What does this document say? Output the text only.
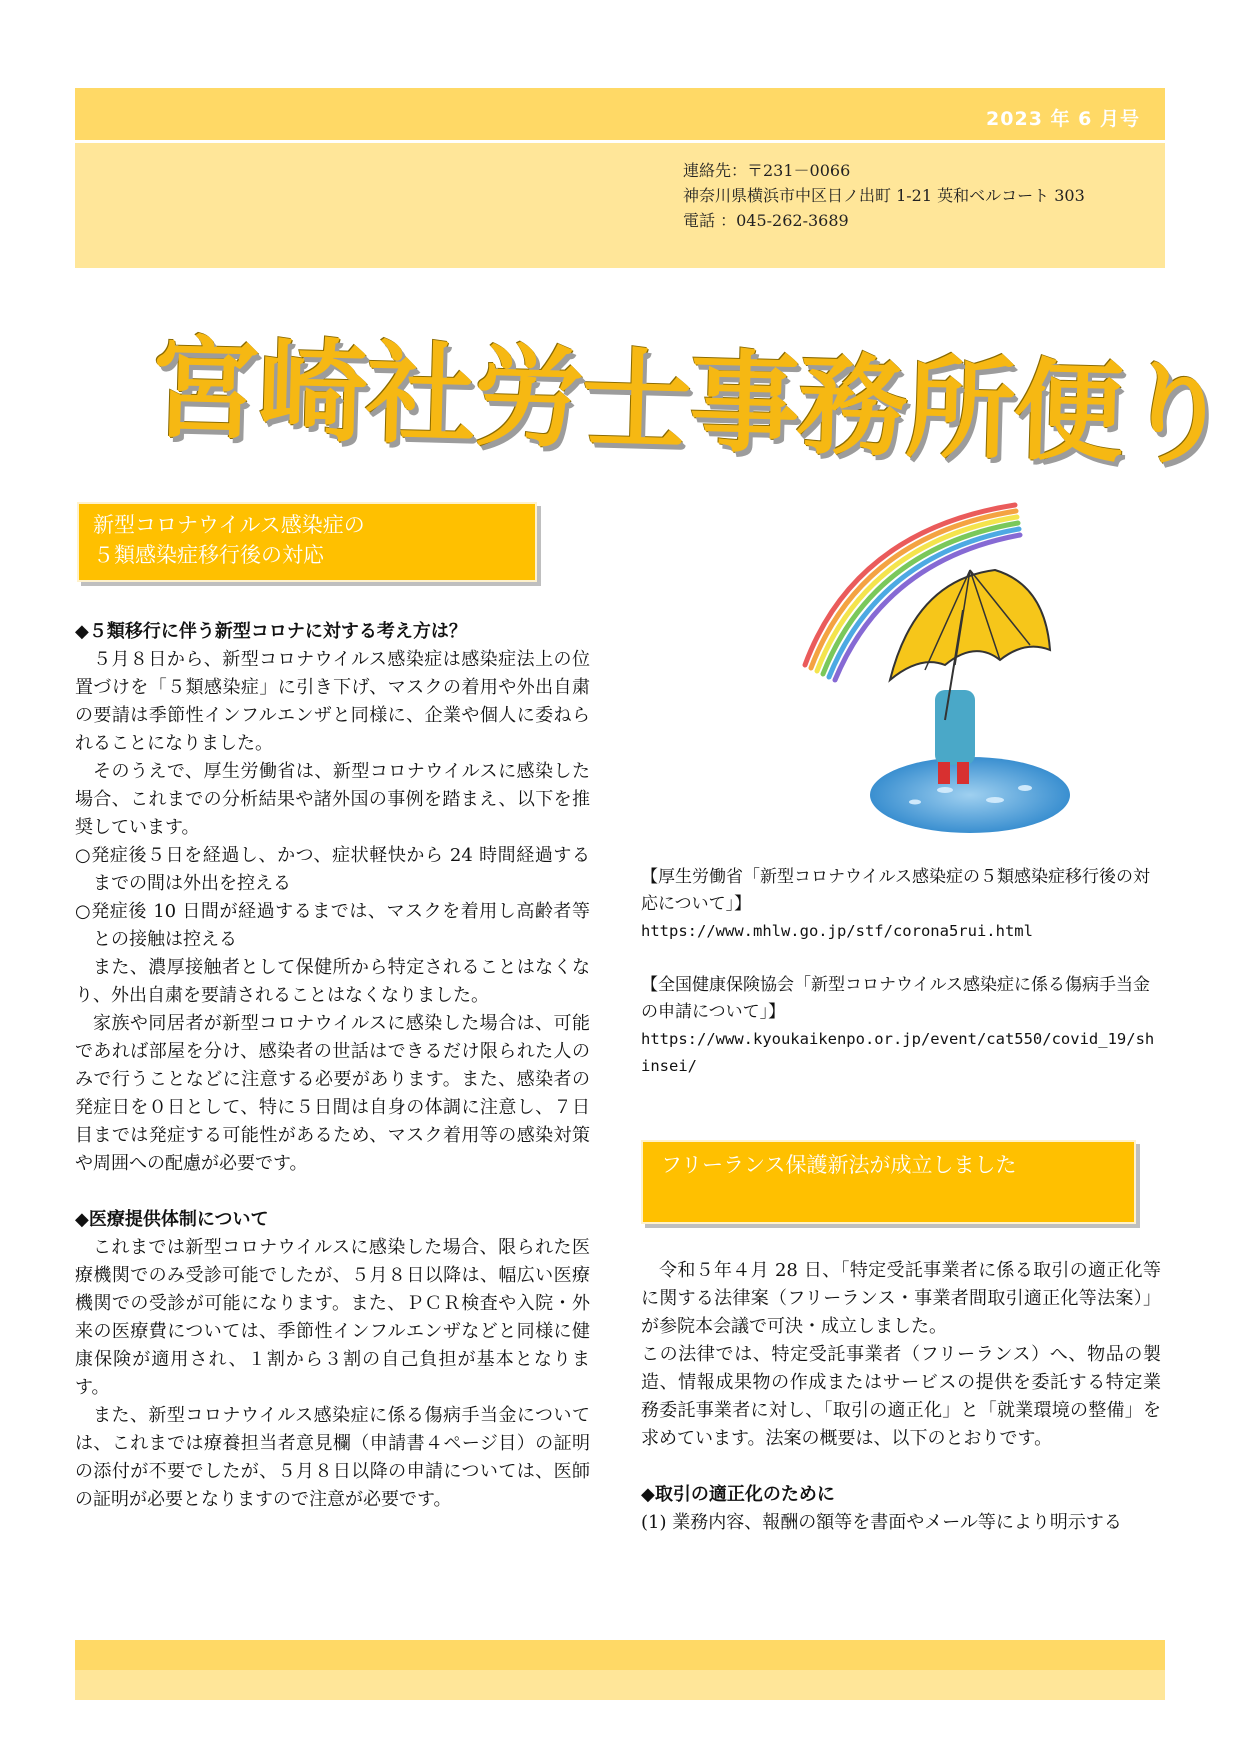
2023 年 6 月号
連絡先：〒231－0066
神奈川県横浜市中区日ノ出町 1-21 英和ベルコート 303
電話 ：045-262-3689
宮崎社労士事務所便り
新型コロナウイルス感染症の
５類感染症移行後の対応

◆５類移行に伴う新型コロナに対する考え方は？

５月８日から、新型コロナウイルス感染症は感染症法上の位置づけを「５類感染症」に引き下げ、マスクの着用や外出自粛の要請は季節性インフルエンザと同様に、企業や個人に委ねられることになりました。

そのうえで、厚生労働省は、新型コロナウイルスに感染した場合、これまでの分析結果や諸外国の事例を踏まえ、以下を推奨しています。

○発症後５日を経過し、かつ、症状軽快から 24 時間経過するまでの間は外出を控える

○発症後 10 日間が経過するまでは、マスクを着用し高齢者等との接触は控える

また、濃厚接触者として保健所から特定されることはなくなり、外出自粛を要請されることはなくなりました。

家族や同居者が新型コロナウイルスに感染した場合は、可能であれば部屋を分け、感染者の世話はできるだけ限られた人のみで行うことなどに注意する必要があります。また、感染者の発症日を０日として、特に５日間は自身の体調に注意し、７日目までは発症する可能性があるため、マスク着用等の感染対策や周囲への配慮が必要です。

◆医療提供体制について

これまでは新型コロナウイルスに感染した場合、限られた医療機関でのみ受診可能でしたが、５月８日以降は、幅広い医療機関での受診が可能になります。また、ＰＣＲ検査や入院・外来の医療費については、季節性インフルエンザなどと同様に健康保険が適用され、１割から３割の自己負担が基本となります。

また、新型コロナウイルス感染症に係る傷病手当金については、これまでは療養担当者意見欄（申請書４ページ目）の証明の添付が不要でしたが、５月８日以降の申請については、医師の証明が必要となりますので注意が必要です。

【厚生労働省「新型コロナウイルス感染症の５類感染症移行後の対応について」】

https://www.mhlw.go.jp/stf/corona5rui.html

【全国健康保険協会「新型コロナウイルス感染症に係る傷病手当金の申請について」】

https://www.kyoukaikenpo.or.jp/event/cat550/covid_19/shinsei/

フリーランス保護新法が成立しました

令和５年４月 28 日、「特定受託事業者に係る取引の適正化等に関する法律案（フリーランス・事業者間取引適正化等法案）」が参院本会議で可決・成立しました。

この法律では、特定受託事業者（フリーランス）へ、物品の製造、情報成果物の作成またはサービスの提供を委託する特定業務委託事業者に対し、「取引の適正化」と「就業環境の整備」を求めています。法案の概要は、以下のとおりです。

◆取引の適正化のために

(1) 業務内容、報酬の額等を書面やメール等により明示する
